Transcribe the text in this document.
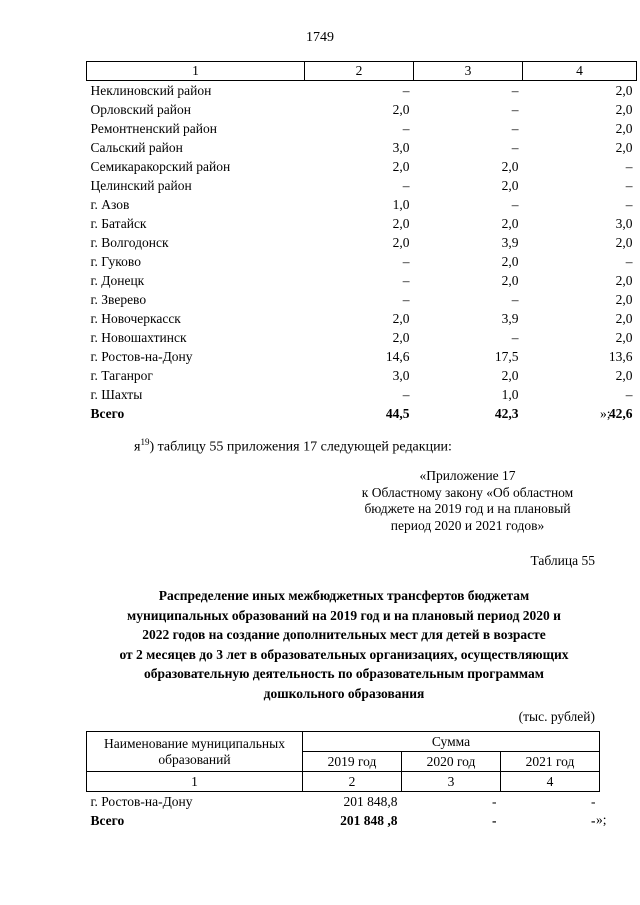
1749
1	2	3	4
Неклиновский район	–	–	2,0
Орловский район	2,0	–	2,0
Ремонтненский район	–	–	2,0
Сальский район	3,0	–	2,0
Семикаракорский район	2,0	2,0	–
Целинский район	–	2,0	–
г. Азов	1,0	–	–
г. Батайск	2,0	2,0	3,0
г. Волгодонск	2,0	3,9	2,0
г. Гуково	–	2,0	–
г. Донецк	–	2,0	2,0
г. Зверево	–	–	2,0
г. Новочеркасск	2,0	3,9	2,0
г. Новошахтинск	2,0	–	2,0
г. Ростов-на-Дону	14,6	17,5	13,6
г. Таганрог	3,0	2,0	2,0
г. Шахты	–	1,0	–
Всего	44,5	42,3	42,6
»;
$я^{19}$) таблицу 55 приложения 17 следующей редакции:
«Приложение 17
к Областному закону «Об областном
бюджете на 2019 год и на плановый
период 2020 и 2021 годов»
Таблица 55
Распределение иных межбюджетных трансфертов бюджетам
муниципальных образований на 2019 год и на плановый период 2020 и
2022 годов на создание дополнительных мест для детей в возрасте
от 2 месяцев до 3 лет в образовательных организациях, осуществляющих
образовательную деятельность по образовательным программам
дошкольного образования
(тыс. рублей)
Наименование муниципальных образований	Сумма		
	2019 год	2020 год	2021 год
1	2	3	4
г. Ростов-на-Дону	201 848,8	-	-
Всего	201 848 ,8	-	- »;
